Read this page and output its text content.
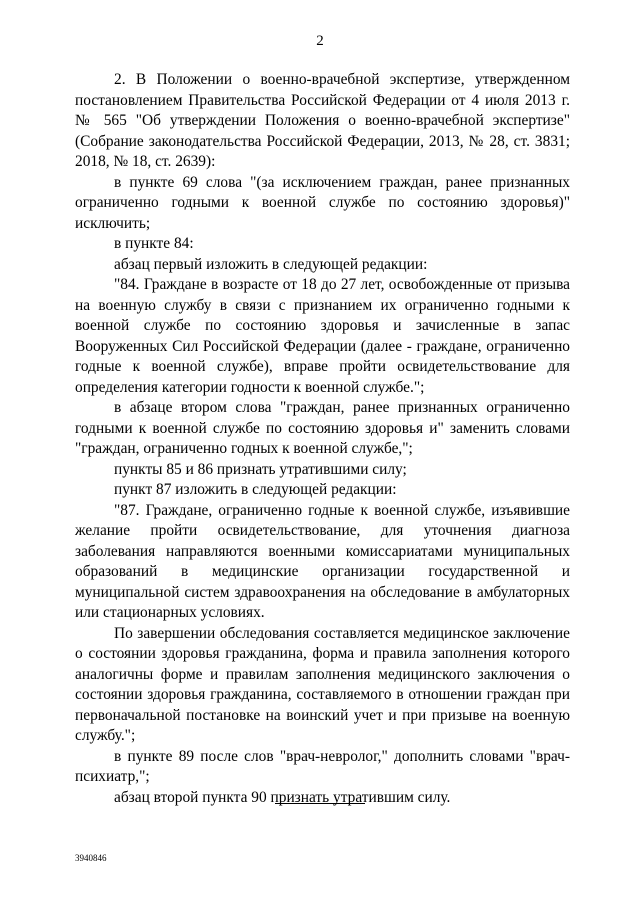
2

2. В Положении о военно-врачебной экспертизе, утвержденном постановлением Правительства Российской Федерации от 4 июля 2013 г. № 565 "Об утверждении Положения о военно-врачебной экспертизе" (Собрание законодательства Российской Федерации, 2013, № 28, ст. 3831; 2018, № 18, ст. 2639):

в пункте 69 слова "(за исключением граждан, ранее признанных ограниченно годными к военной службе по состоянию здоровья)" исключить;

в пункте 84:

абзац первый изложить в следующей редакции:

"84. Граждане в возрасте от 18 до 27 лет, освобожденные от призыва на военную службу в связи с признанием их ограниченно годными к военной службе по состоянию здоровья и зачисленные в запас Вооруженных Сил Российской Федерации (далее - граждане, ограниченно годные к военной службе), вправе пройти освидетельствование для определения категории годности к военной службе.";

в абзаце втором слова "граждан, ранее признанных ограниченно годными к военной службе по состоянию здоровья и" заменить словами "граждан, ограниченно годных к военной службе,";

пункты 85 и 86 признать утратившими силу;

пункт 87 изложить в следующей редакции:

"87. Граждане, ограниченно годные к военной службе, изъявившие желание пройти освидетельствование, для уточнения диагноза заболевания направляются военными комиссариатами муниципальных образований в медицинские организации государственной и муниципальной систем здравоохранения на обследование в амбулаторных или стационарных условиях.

По завершении обследования составляется медицинское заключение о состоянии здоровья гражданина, форма и правила заполнения которого аналогичны форме и правилам заполнения медицинского заключения о состоянии здоровья гражданина, составляемого в отношении граждан при первоначальной постановке на воинский учет и при призыве на военную службу.";

в пункте 89 после слов "врач-невролог," дополнить словами "врач-психиатр,";

абзац второй пункта 90 признать утратившим силу.

3940846
